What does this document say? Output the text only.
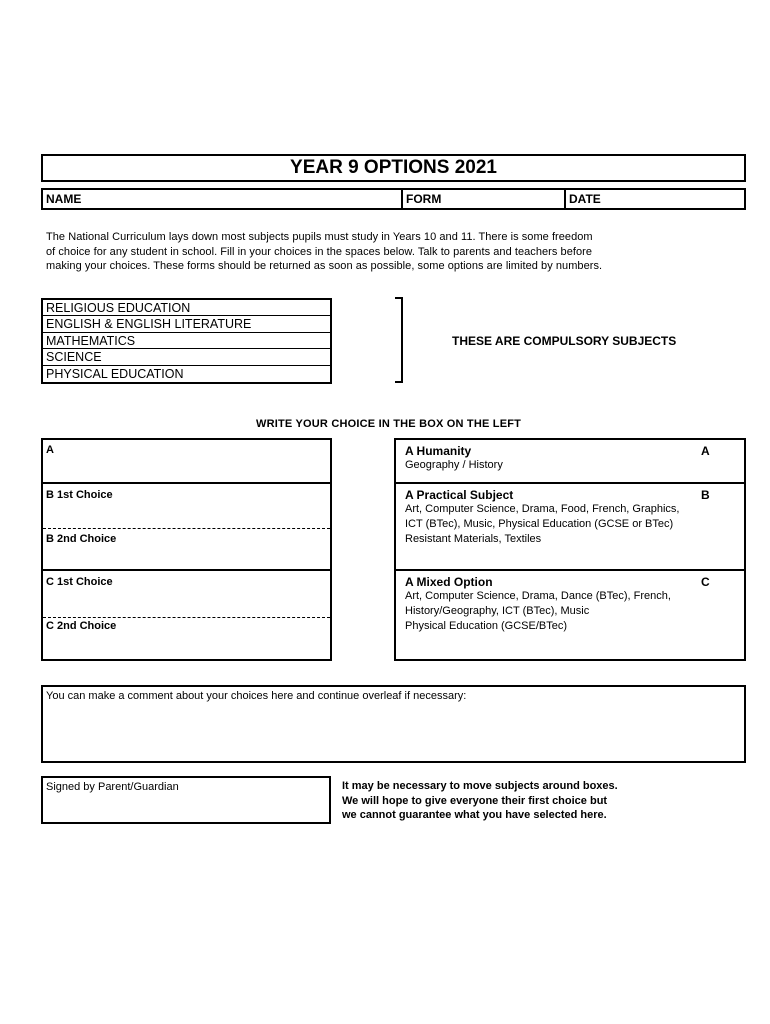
YEAR 9 OPTIONS 2021
NAME	FORM	DATE
The National Curriculum lays down most subjects pupils must study in Years 10 and 11. There is some freedom
of choice for any student in school. Fill in your choices in the spaces below. Talk to parents and teachers before
making your choices. These forms should be returned as soon as possible, some options are limited by numbers.
RELIGIOUS EDUCATION
ENGLISH & ENGLISH LITERATURE
MATHEMATICS
SCIENCE
PHYSICAL EDUCATION
THESE ARE COMPULSORY SUBJECTS
WRITE YOUR CHOICE IN THE BOX ON THE LEFT
A
B 1st Choice
B 2nd Choice
C 1st Choice
C 2nd Choice
A Humanity	A
Geography / History
A Practical Subject	B
Art, Computer Science, Drama, Food, French, Graphics,
ICT (BTec), Music, Physical Education (GCSE or BTec)
Resistant Materials, Textiles
A Mixed Option	C
Art, Computer Science, Drama, Dance (BTec), French,
History/Geography, ICT (BTec), Music
Physical Education (GCSE/BTec)
You can make a comment about your choices here and continue overleaf if necessary:
Signed by Parent/Guardian	It may be necessary to move subjects around boxes.
We will hope to give everyone their first choice but
we cannot guarantee what you have selected here.
